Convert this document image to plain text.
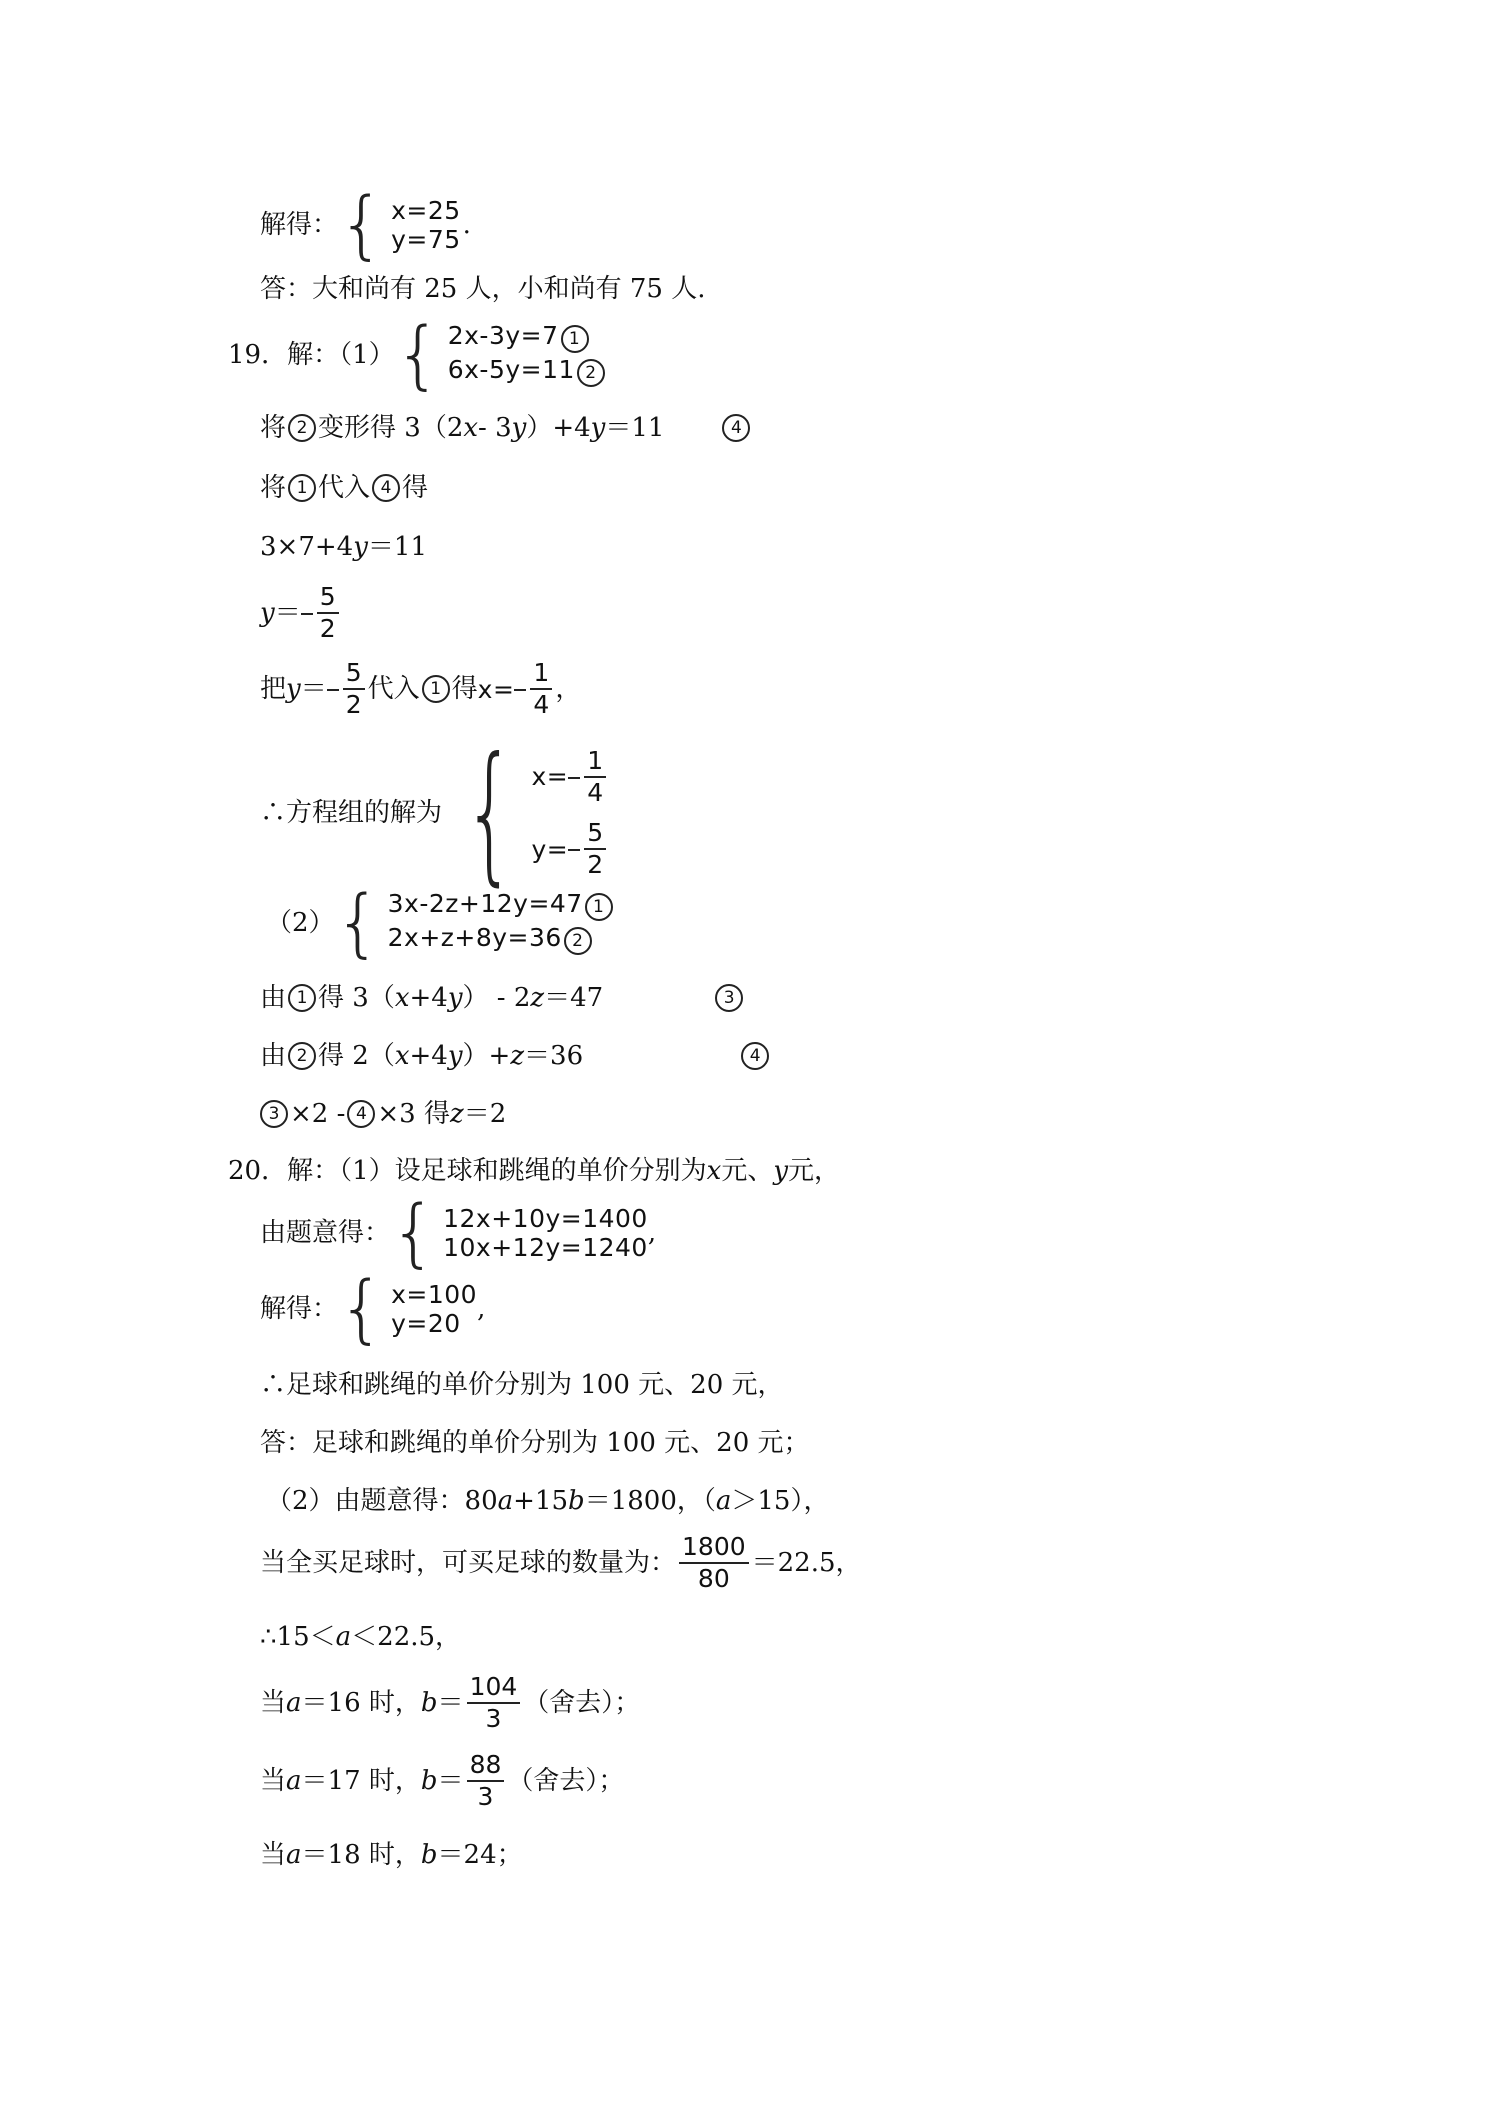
解得： { x=25
y=75 .
答：大和尚有 25 人，小和尚有 75 人.
19．解：（1） { 2x-3y=7 1
6x-5y=11 2
将 2 变形得 3（2 x - 3 y ）+4 y ＝11	4
将 1 代入 4 得
3×7+4 y ＝11
$y = \frac{5}{2}$
把 $y = \frac{5}{2}$ 代入 1 得 $x= \frac{1}{4}$ ，
∴方程组的解为 { $x= \frac{1}{4}$
$y= \frac{5}{2}$
（2） { 3x-2z+12y=47 1
2x+z+8y=36 2
由 1 得 3（ x +4 y ） - 2 z ＝47	3
由 2 得 2（ x +4 y ）+ z ＝36	4
3 ×2 - 4 ×3 得 z ＝2
20．解：（1）设足球和跳绳的单价分别为 x 元、 y 元，
由题意得： { 12x+10y=1400
10x+12y=1240 ,
解得： { x=100
y=20 ,
∴足球和跳绳的单价分别为 100 元、20 元，
答：足球和跳绳的单价分别为 100 元、20 元；
（2）由题意得：80 a +15 b ＝1800，（ a ＞15），
当全买足球时，可买足球的数量为： $\frac{1800}{80} =22.5$，
∴15＜ a ＜22.5，
当 a ＝16 时， $b = \frac{104}{3}$ （舍去）；
当 a ＝17 时， $b = \frac{88}{3}$ （舍去）；
当 a ＝18 时， b ＝24；
